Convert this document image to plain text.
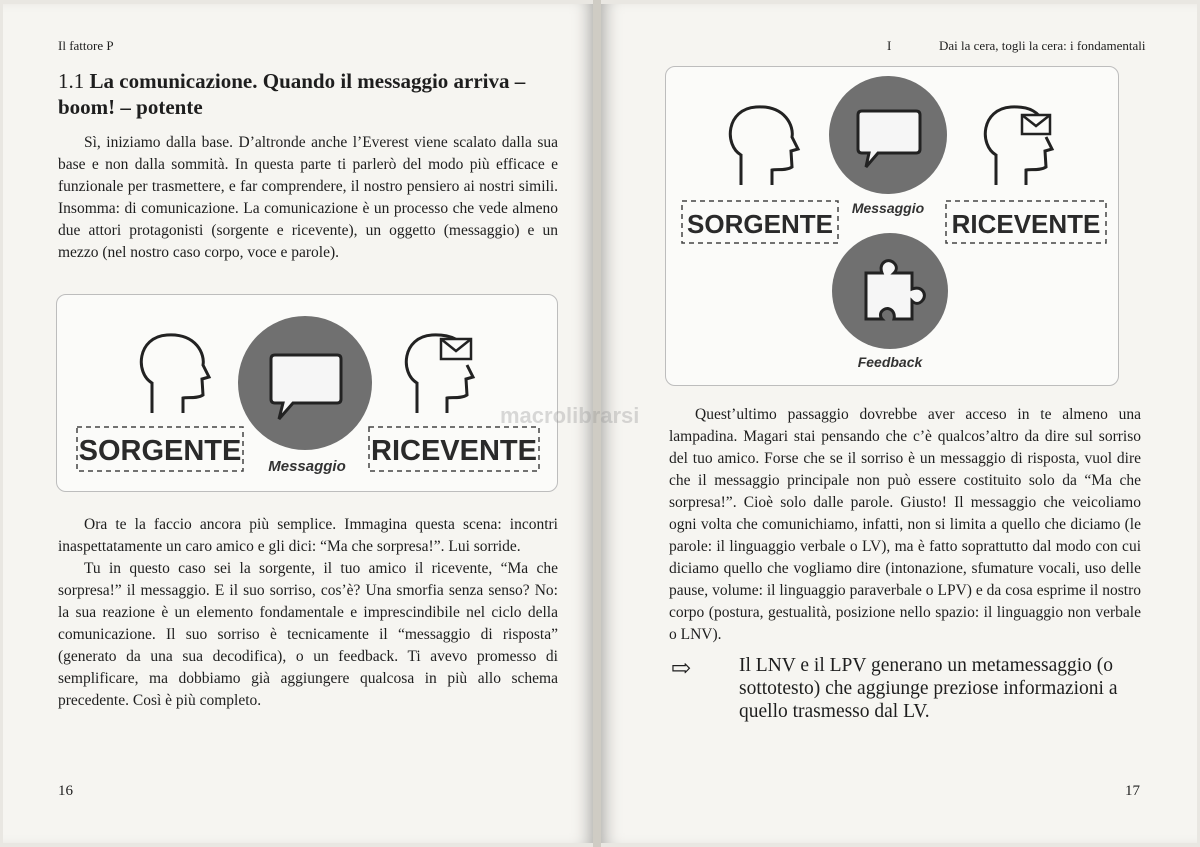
Il fattore P
1.1 La comunicazione. Quando il messaggio arriva – boom! – potente

Sì, iniziamo dalla base. D’altronde anche l’Everest viene scalato dalla sua base e non dalla sommità. In questa parte ti parlerò del modo più efficace e funzionale per trasmettere, e far comprendere, il nostro pensiero ai nostri simili. Insomma: di comunicazione. La comunicazione è un processo che vede almeno due attori protagonisti (sorgente e ricevente), un oggetto (messaggio) e un mezzo (nel nostro caso corpo, voce e parole).

SORGENTE Messaggio RICEVENTE

Ora te la faccio ancora più semplice. Immagina questa scena: incontri inaspettatamente un caro amico e gli dici: “Ma che sorpresa!”. Lui sorride.

Tu in questo caso sei la sorgente, il tuo amico il ricevente, “Ma che sorpresa!” il messaggio. E il suo sorriso, cos’è? Una smorfia senza senso? No: la sua reazione è un elemento fondamentale e imprescindibile nel ciclo della comunicazione. Il suo sorriso è tecnicamente il “messaggio di risposta” (generato da una sua decodifica), o un feedback. Ti avevo promesso di semplificare, ma dobbiamo già aggiungere qualcosa in più allo schema precedente. Così è più completo.

16
I	Dai la cera, togli la cera: i fondamentali
Messaggio
SORGENTE	RICEVENTE
Feedback

Quest’ultimo passaggio dovrebbe aver acceso in te almeno una lampadina. Magari stai pensando che c’è qualcos’altro da dire sul sorriso del tuo amico. Forse che se il sorriso è un messaggio di risposta, vuol dire che il messaggio principale non può essere costituito solo da “Ma che sorpresa!”. Cioè solo dalle parole. Giusto! Il messaggio che veicoliamo ogni volta che comunichiamo, infatti, non si limita a quello che diciamo (le parole: il linguaggio verbale o LV), ma è fatto soprattutto dal modo con cui diciamo quello che vogliamo dire (intonazione, sfumature vocali, uso delle pause, volume: il linguaggio paraverbale o LPV) e da cosa esprime il nostro corpo (postura, gestualità, posizione nello spazio: il linguaggio non verbale o LNV).

⇨ Il LNV e il LPV generano un metamessaggio (o sottotesto) che aggiunge preziose informazioni a quello trasmesso dal LV.
17
macrolibrarsi
